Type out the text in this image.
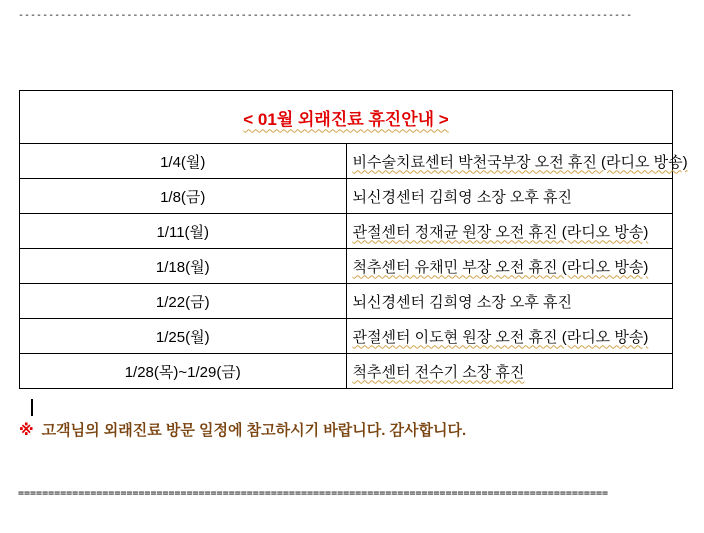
------------------------------------------------------------------------------------------------------
< 01월 외래진료 휴진안내 >	
1/4(월)	비수술치료센터 박천국부장 오전 휴진 (라디오 방송)
1/8(금)	뇌신경센터 김희영 소장 오후 휴진
1/11(월)	관절센터 정재균 원장 오전 휴진 (라디오 방송)
1/18(월)	척추센터 유채민 부장 오전 휴진 (라디오 방송)
1/22(금)	뇌신경센터 김희영 소장 오후 휴진
1/25(월)	관절센터 이도현 원장 오전 휴진 (라디오 방송)
1/28(목)~1/29(금)	척추센터 전수기 소장 휴진
※ 고객님의 외래진료 방문 일정에 참고하시기 바랍니다. 감사합니다.
==================================================================================================
